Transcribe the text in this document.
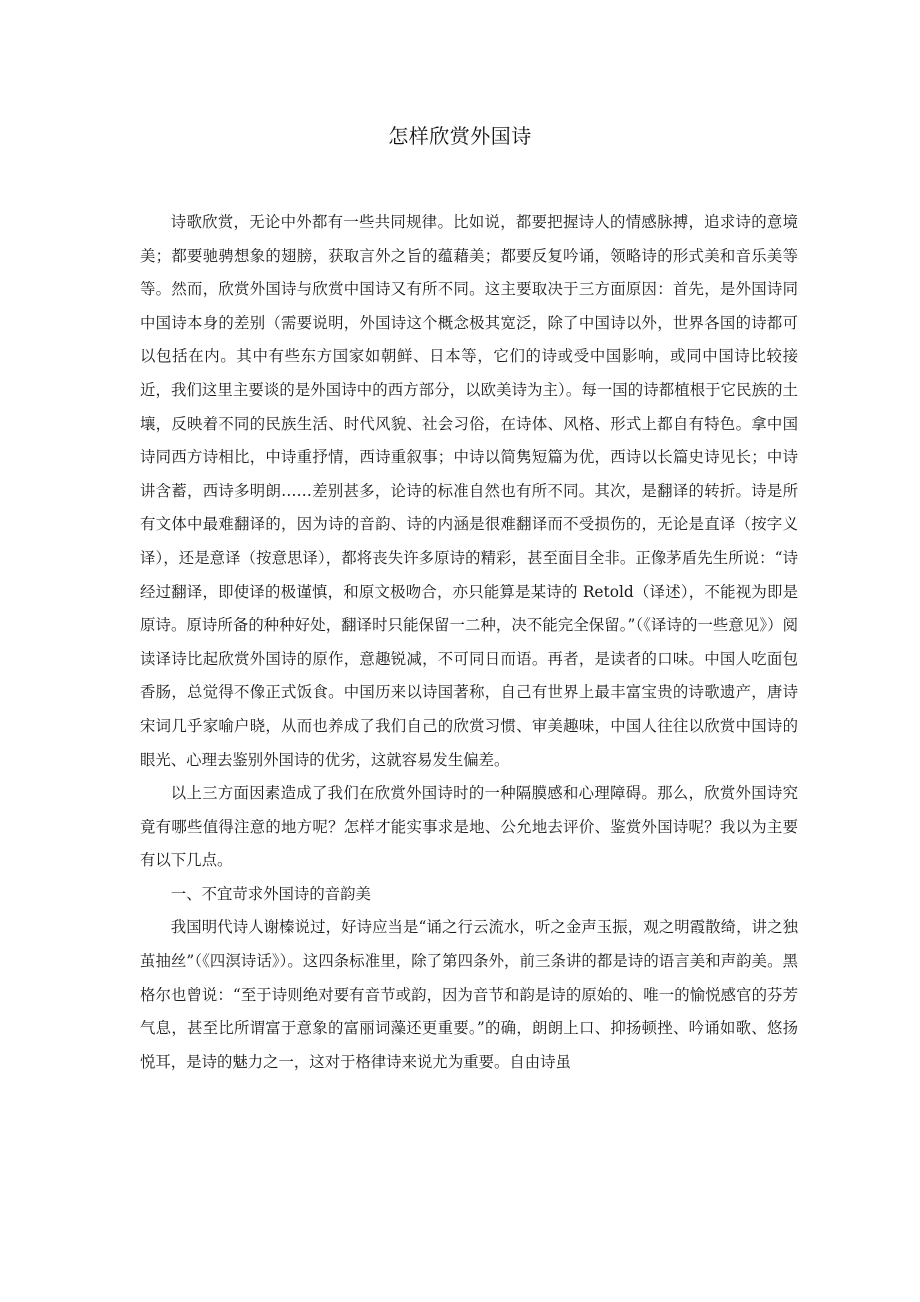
怎样欣赏外国诗

诗歌欣赏，无论中外都有一些共同规律。比如说，都要把握诗人的情感脉搏，追求诗的意境美；都要驰骋想象的翅膀，获取言外之旨的蕴藉美；都要反复吟诵，领略诗的形式美和音乐美等等。然而，欣赏外国诗与欣赏中国诗又有所不同。这主要取决于三方面原因：首先，是外国诗同中国诗本身的差别（需要说明，外国诗这个概念极其宽泛，除了中国诗以外，世界各国的诗都可以包括在内。其中有些东方国家如朝鲜、日本等，它们的诗或受中国影响，或同中国诗比较接近，我们这里主要谈的是外国诗中的西方部分，以欧美诗为主）。每一国的诗都植根于它民族的土壤，反映着不同的民族生活、时代风貌、社会习俗，在诗体、风格、形式上都自有特色。拿中国诗同西方诗相比，中诗重抒情，西诗重叙事；中诗以简隽短篇为优，西诗以长篇史诗见长；中诗讲含蓄，西诗多明朗……差别甚多，论诗的标准自然也有所不同。其次，是翻译的转折。诗是所有文体中最难翻译的，因为诗的音韵、诗的内涵是很难翻译而不受损伤的，无论是直译（按字义译），还是意译（按意思译），都将丧失许多原诗的精彩，甚至面目全非。正像茅盾先生所说：“诗经过翻译，即使译的极谨慎，和原文极吻合，亦只能算是某诗的 Retold（译述），不能视为即是原诗。原诗所备的种种好处，翻译时只能保留一二种，决不能完全保留。”（《译诗的一些意见》）阅读译诗比起欣赏外国诗的原作，意趣锐减，不可同日而语。再者，是读者的口味。中国人吃面包香肠，总觉得不像正式饭食。中国历来以诗国著称，自己有世界上最丰富宝贵的诗歌遗产，唐诗宋词几乎家喻户晓，从而也养成了我们自己的欣赏习惯、审美趣味，中国人往往以欣赏中国诗的眼光、心理去鉴别外国诗的优劣，这就容易发生偏差。

以上三方面因素造成了我们在欣赏外国诗时的一种隔膜感和心理障碍。那么，欣赏外国诗究竟有哪些值得注意的地方呢？怎样才能实事求是地、公允地去评价、鉴赏外国诗呢？我以为主要有以下几点。

一、不宜苛求外国诗的音韵美

我国明代诗人谢榛说过，好诗应当是“诵之行云流水，听之金声玉振，观之明霞散绮，讲之独茧抽丝”（《四溟诗话》）。这四条标准里，除了第四条外，前三条讲的都是诗的语言美和声韵美。黑格尔也曾说：“至于诗则绝对要有音节或韵，因为音节和韵是诗的原始的、唯一的愉悦感官的芬芳气息，甚至比所谓富于意象的富丽词藻还更重要。”的确，朗朗上口、抑扬顿挫、吟诵如歌、悠扬悦耳，是诗的魅力之一，这对于格律诗来说尤为重要。自由诗虽
